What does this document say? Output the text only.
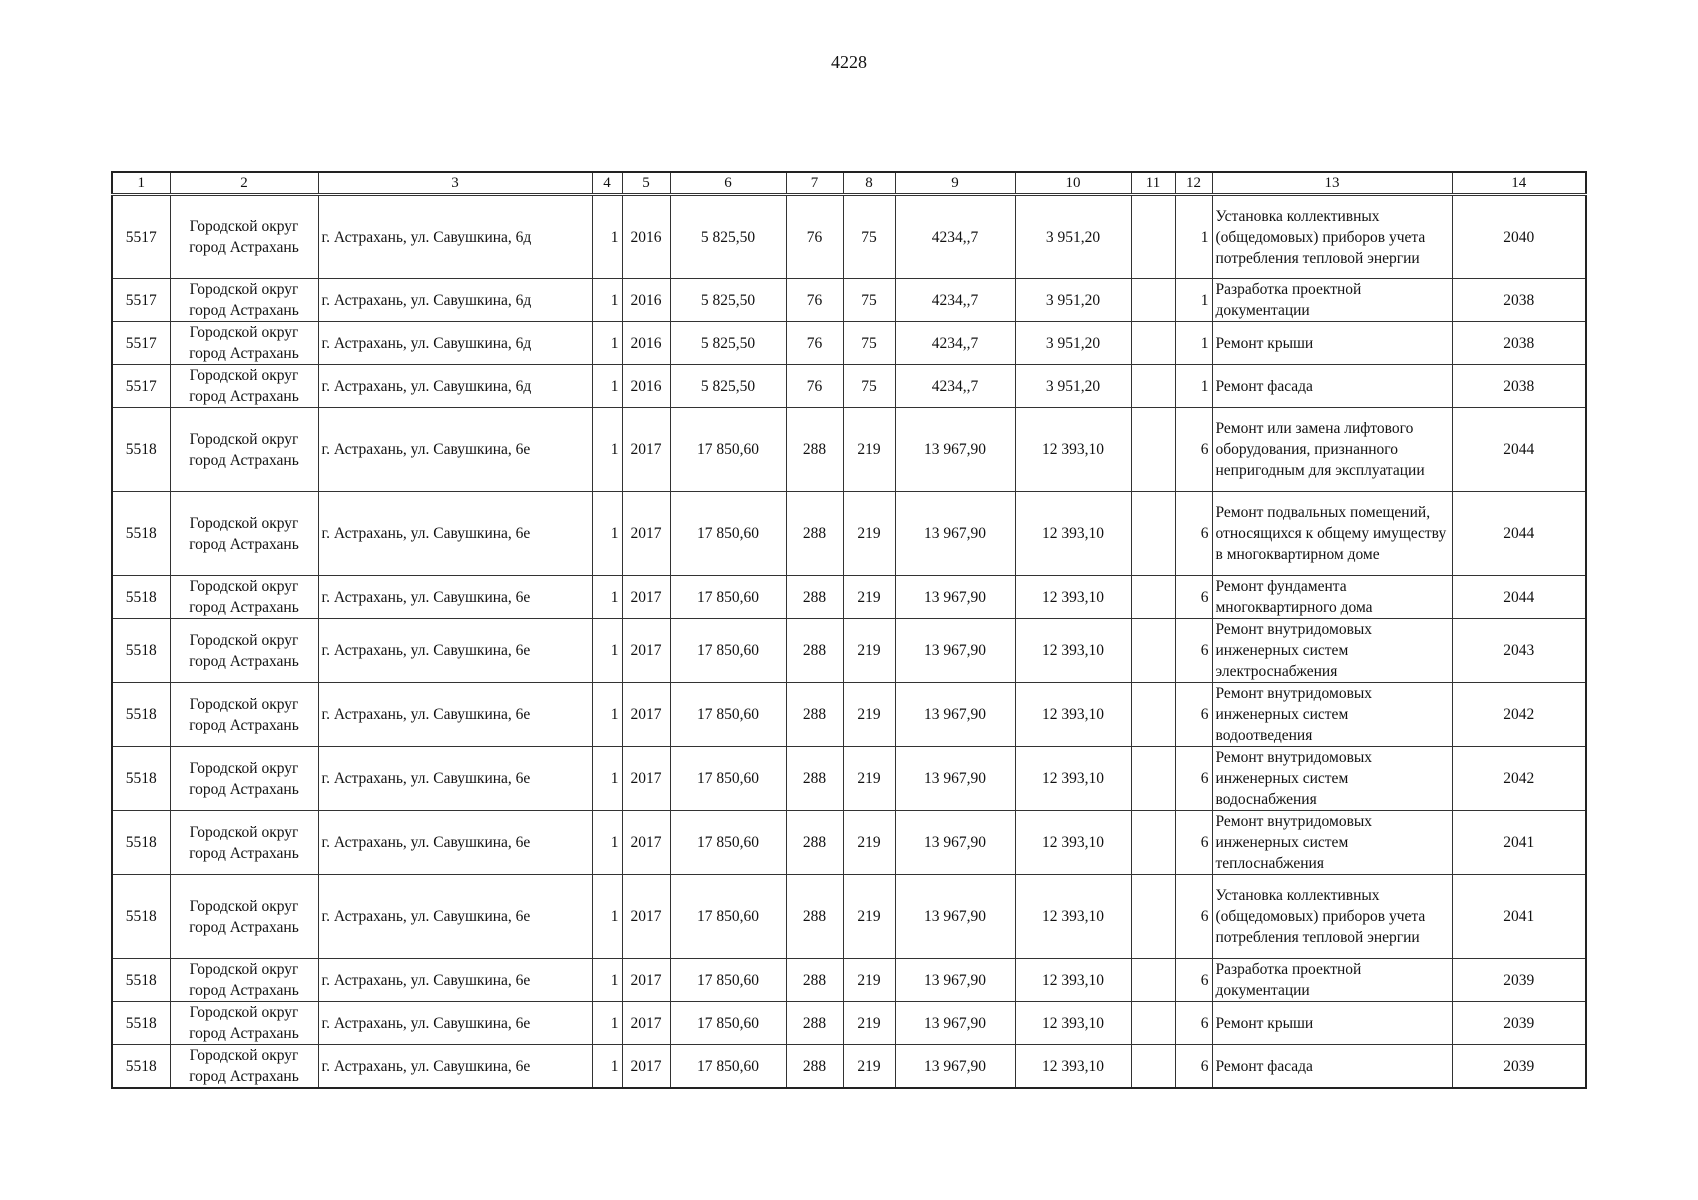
4228
1	2	3	4	5	6	7	8	9	10	11	12	13	14
5517	Городской округ город Астрахань	г. Астрахань, ул. Савушкина, 6д	1	2016	5 825,50	76	75	4234,,7	3 951,20		1	Установка коллективных (общедомовых) приборов учета потребления тепловой энергии	2040
5517	Городской округ город Астрахань	г. Астрахань, ул. Савушкина, 6д	1	2016	5 825,50	76	75	4234,,7	3 951,20		1	Разработка проектной документации	2038
5517	Городской округ город Астрахань	г. Астрахань, ул. Савушкина, 6д	1	2016	5 825,50	76	75	4234,,7	3 951,20		1	Ремонт крыши	2038
5517	Городской округ город Астрахань	г. Астрахань, ул. Савушкина, 6д	1	2016	5 825,50	76	75	4234,,7	3 951,20		1	Ремонт фасада	2038
5518	Городской округ город Астрахань	г. Астрахань, ул. Савушкина, 6е	1	2017	17 850,60	288	219	13 967,90	12 393,10		6	Ремонт или замена лифтового оборудования, признанного непригодным для эксплуатации	2044
5518	Городской округ город Астрахань	г. Астрахань, ул. Савушкина, 6е	1	2017	17 850,60	288	219	13 967,90	12 393,10		6	Ремонт подвальных помещений, относящихся к общему имуществу в многоквартирном доме	2044
5518	Городской округ город Астрахань	г. Астрахань, ул. Савушкина, 6е	1	2017	17 850,60	288	219	13 967,90	12 393,10		6	Ремонт фундамента многоквартирного дома	2044
5518	Городской округ город Астрахань	г. Астрахань, ул. Савушкина, 6е	1	2017	17 850,60	288	219	13 967,90	12 393,10		6	Ремонт внутридомовых инженерных систем электроснабжения	2043
5518	Городской округ город Астрахань	г. Астрахань, ул. Савушкина, 6е	1	2017	17 850,60	288	219	13 967,90	12 393,10		6	Ремонт внутридомовых инженерных систем водоотведения	2042
5518	Городской округ город Астрахань	г. Астрахань, ул. Савушкина, 6е	1	2017	17 850,60	288	219	13 967,90	12 393,10		6	Ремонт внутридомовых инженерных систем водоснабжения	2042
5518	Городской округ город Астрахань	г. Астрахань, ул. Савушкина, 6е	1	2017	17 850,60	288	219	13 967,90	12 393,10		6	Ремонт внутридомовых инженерных систем теплоснабжения	2041
5518	Городской округ город Астрахань	г. Астрахань, ул. Савушкина, 6е	1	2017	17 850,60	288	219	13 967,90	12 393,10		6	Установка коллективных (общедомовых) приборов учета потребления тепловой энергии	2041
5518	Городской округ город Астрахань	г. Астрахань, ул. Савушкина, 6е	1	2017	17 850,60	288	219	13 967,90	12 393,10		6	Разработка проектной документации	2039
5518	Городской округ город Астрахань	г. Астрахань, ул. Савушкина, 6е	1	2017	17 850,60	288	219	13 967,90	12 393,10		6	Ремонт крыши	2039
5518	Городской округ город Астрахань	г. Астрахань, ул. Савушкина, 6е	1	2017	17 850,60	288	219	13 967,90	12 393,10		6	Ремонт фасада	2039
